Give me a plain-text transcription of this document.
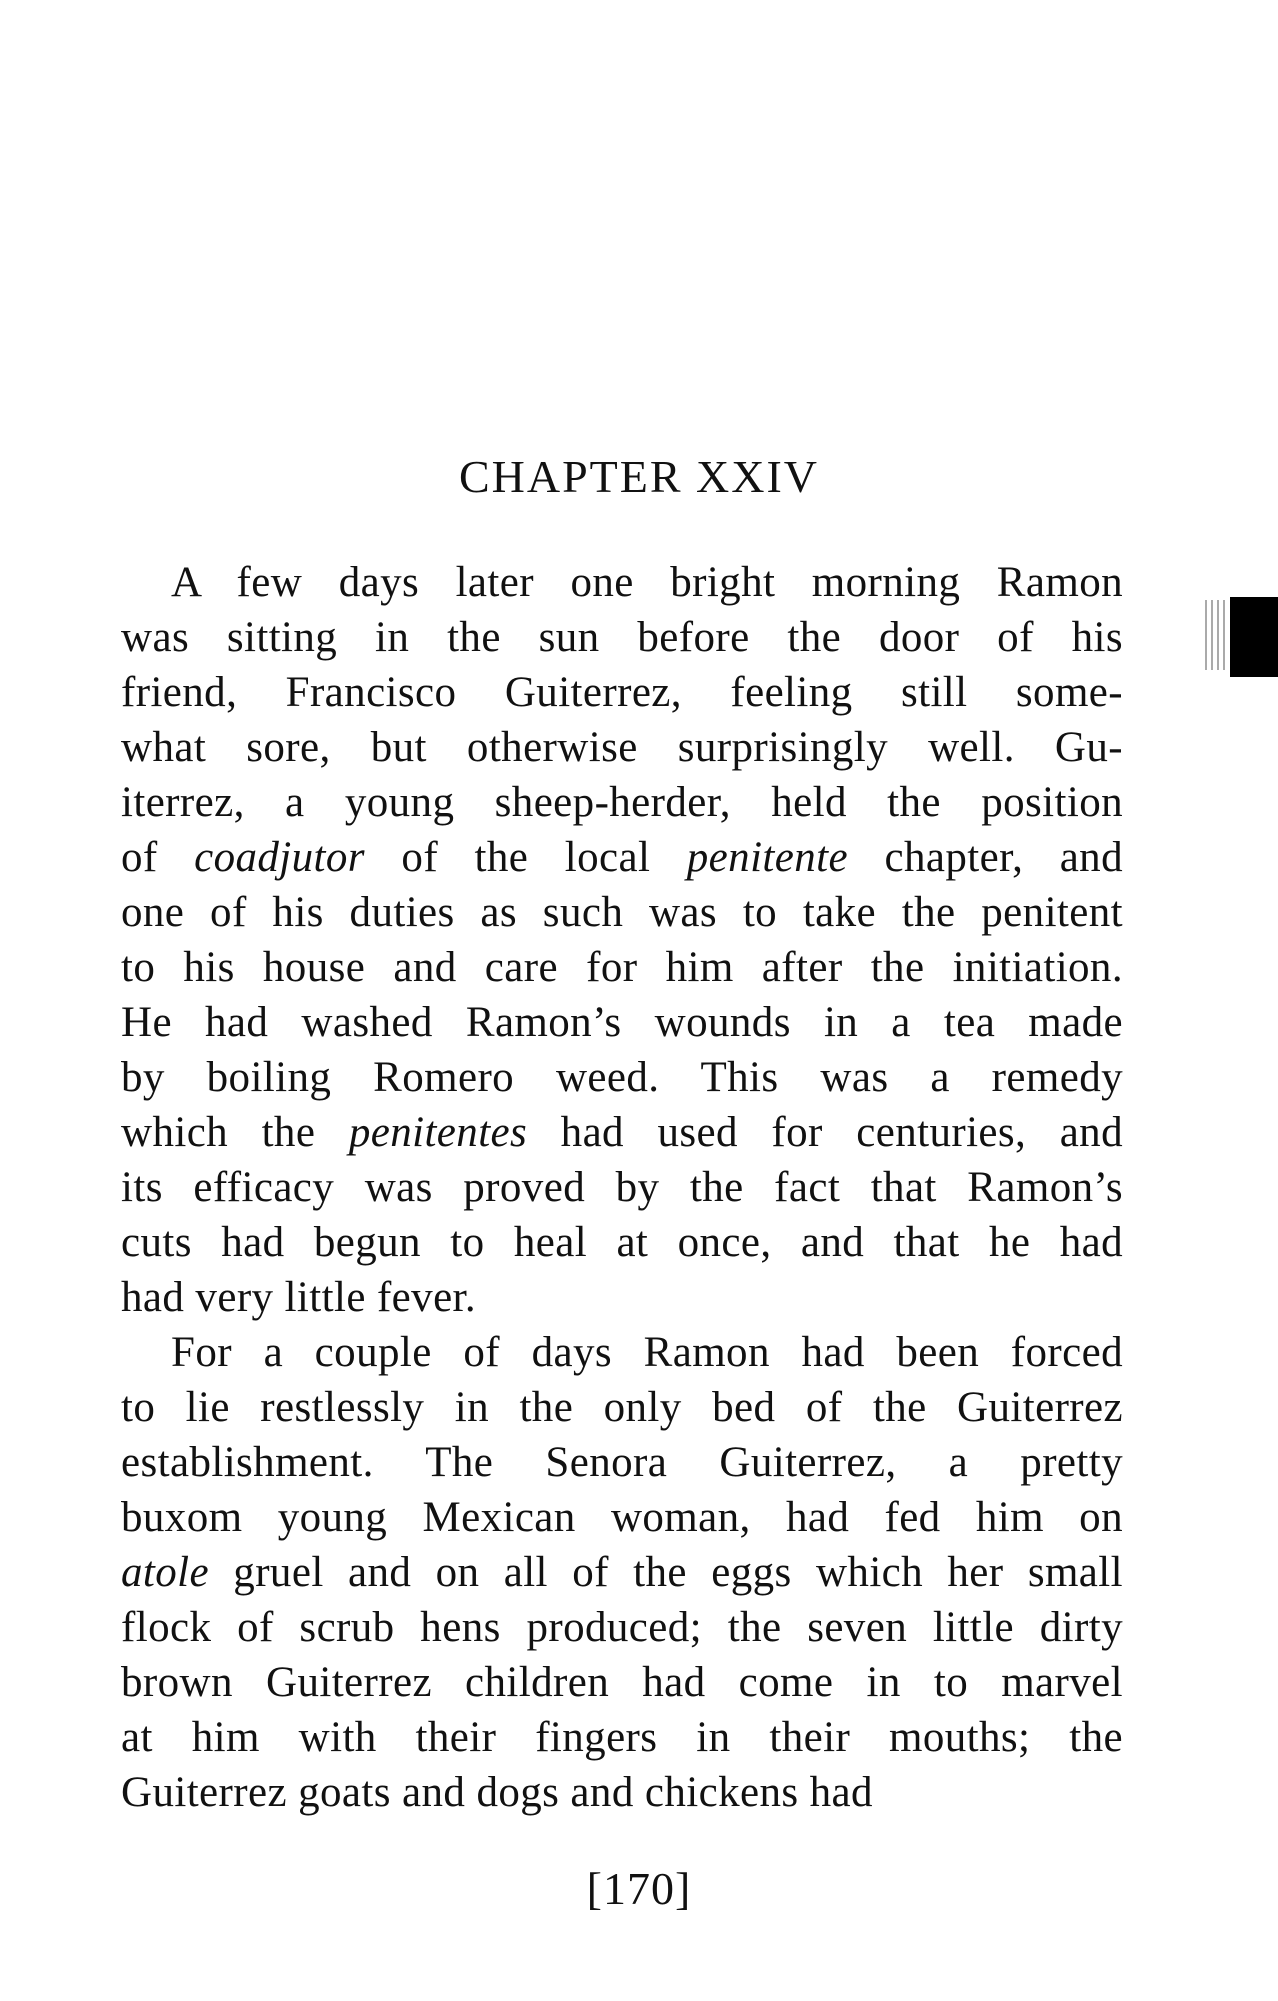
CHAPTER XXIV
A few days later one bright morning Ramon
was sitting in the sun before the door of his
friend, Francisco Guiterrez, feeling still some-
what sore, but otherwise surprisingly well. Gu-
iterrez, a young sheep-herder, held the position
of coadjutor of the local penitente chapter, and
one of his duties as such was to take the penitent
to his house and care for him after the initiation.
He had washed Ramon’s wounds in a tea made
by boiling Romero weed. This was a remedy
which the penitentes had used for centuries, and
its efficacy was proved by the fact that Ramon’s
cuts had begun to heal at once, and that he had
had very little fever.
For a couple of days Ramon had been forced
to lie restlessly in the only bed of the Guiterrez
establishment. The Senora Guiterrez, a pretty
buxom young Mexican woman, had fed him on
atole gruel and on all of the eggs which her small
flock of scrub hens produced; the seven little dirty
brown Guiterrez children had come in to marvel
at him with their fingers in their mouths; the
Guiterrez goats and dogs and chickens had
[170]
